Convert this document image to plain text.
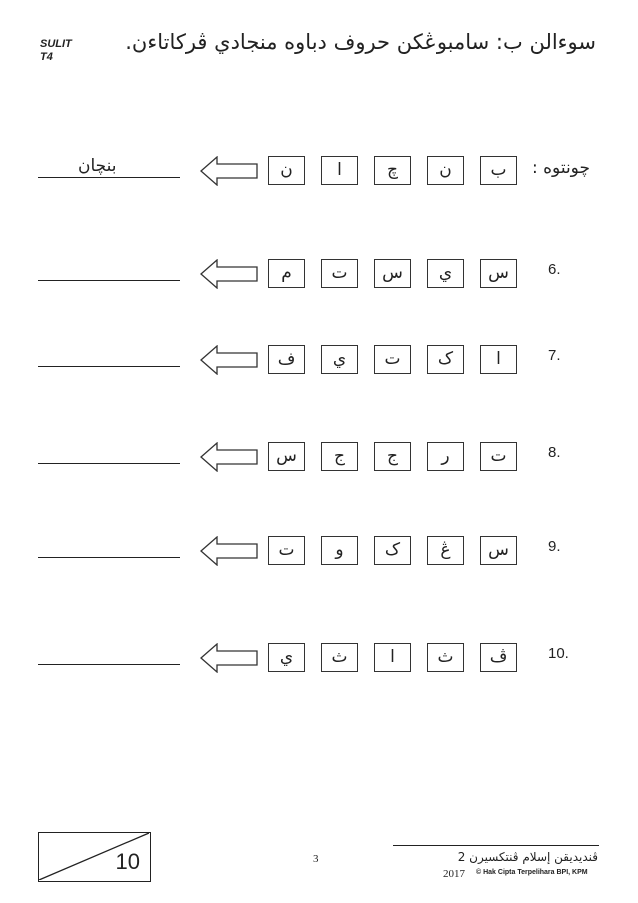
SULIT
T4
سوءالن ب: سامبوڠكن حروف دباوه منجادي ڤركاتاءن.
بنچان	ن	ا	چ	ن	ب	چونتوه :
م	ت	س	ي	س	6.
ف	ي	ت	ک	ا	7.
س	ج	ج	ر	ت	8.
ت	و	ک	ڠ	س	9.
ي	ث	ا	ث	ڤ	10.
10	3	ڤنديديقن إسلام ڤنتکسيرن 2
2017 © Hak Cipta Terpelihara BPI, KPM
